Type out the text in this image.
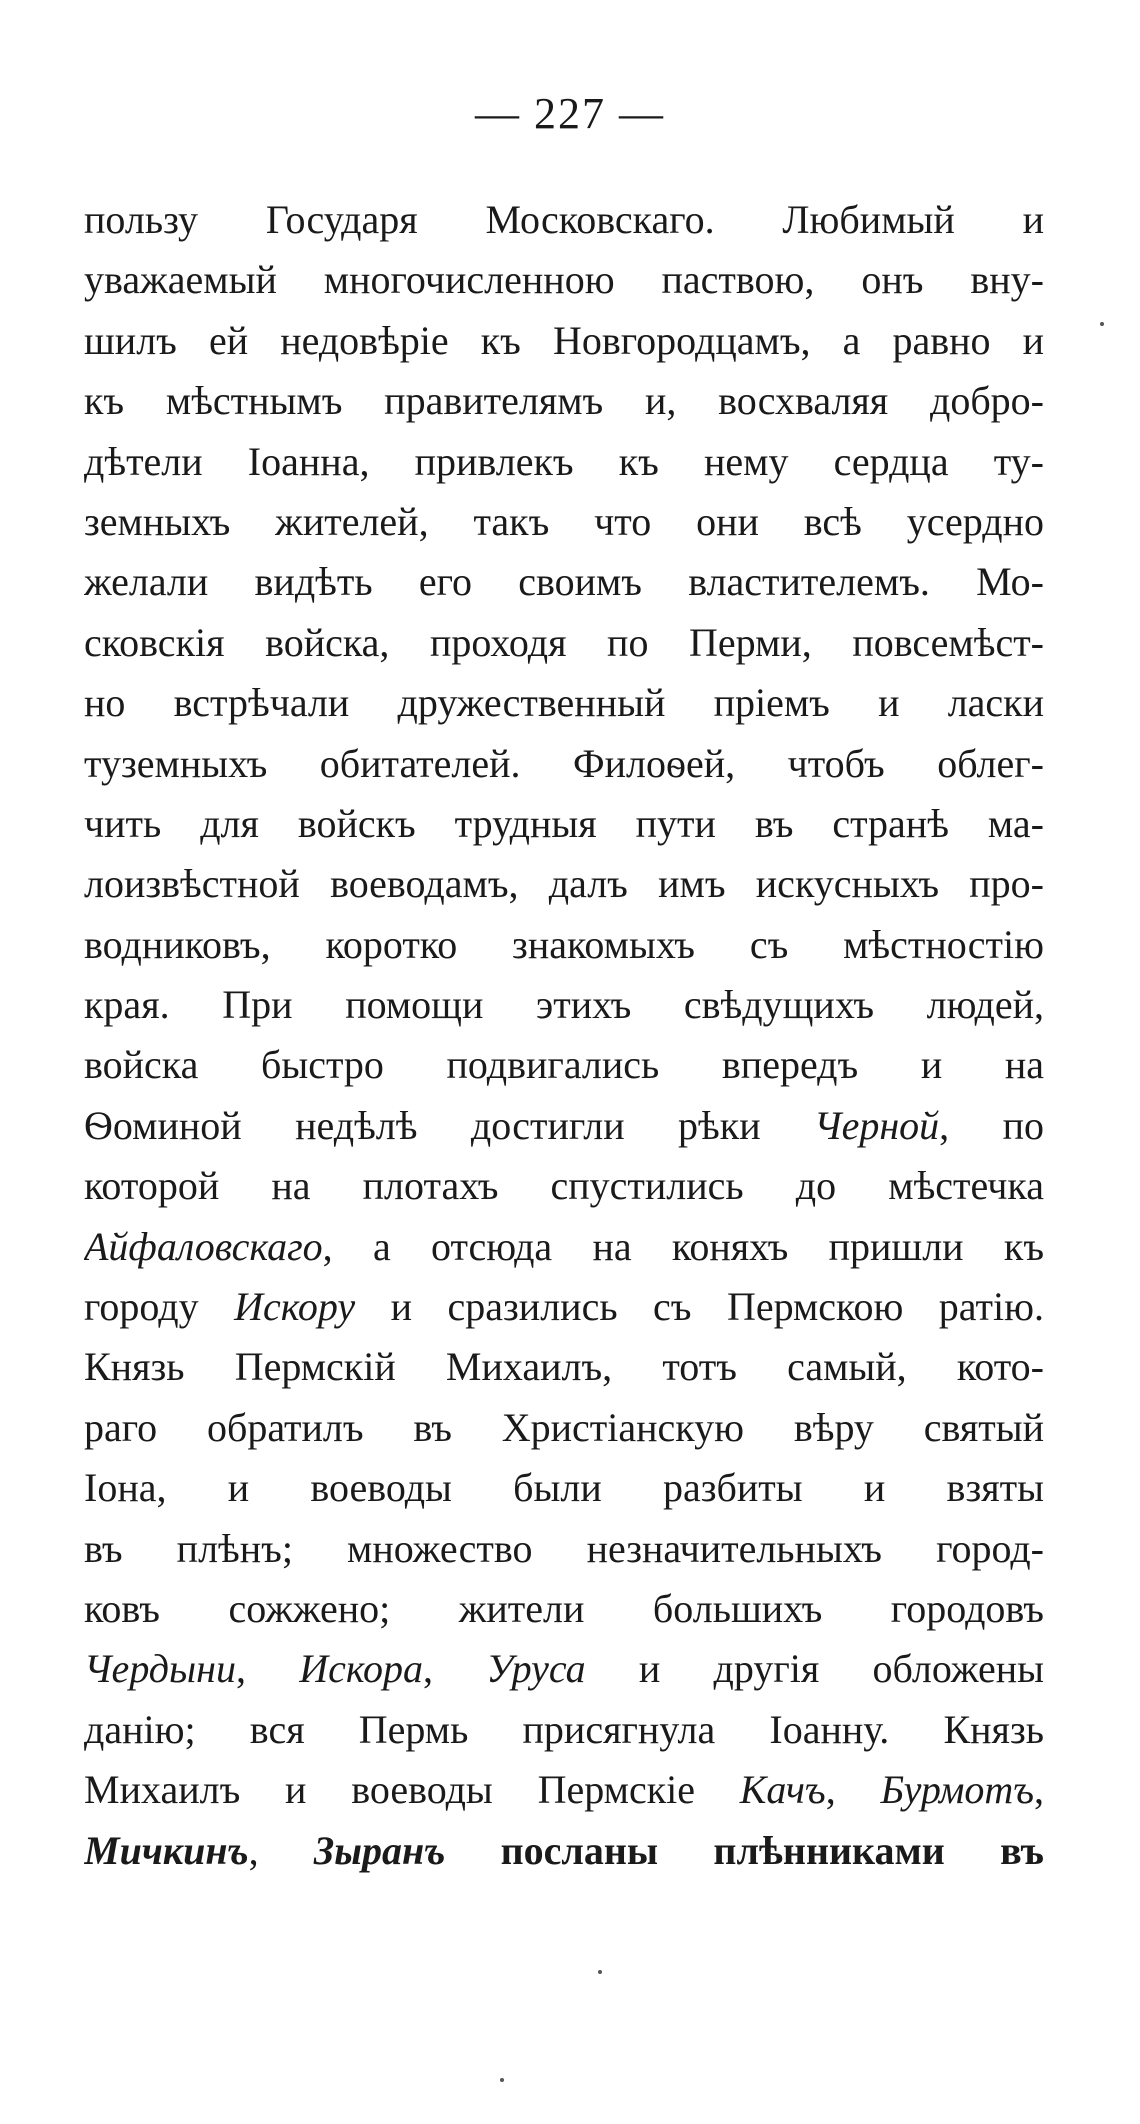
— 227 —
пользу Государя Московскаго. Любимый и
уважаемый многочисленною паствою, онъ вну-
шилъ ей недовѣріе къ Новгородцамъ, а равно и
къ мѣстнымъ правителямъ и, восхваляя добро-
дѣтели Іоанна, привлекъ къ нему сердца ту-
земныхъ жителей, такъ что они всѣ усердно
желали видѣть его своимъ властителемъ. Мо-
сковскія войска, проходя по Перми, повсемѣст-
но встрѣчали дружественный пріемъ и ласки
туземныхъ обитателей. Филоѳей, чтобъ облег-
чить для войскъ трудныя пути въ странѣ ма-
лоизвѣстной воеводамъ, далъ имъ искусныхъ про-
водниковъ, коротко знакомыхъ съ мѣстностію
края. При помощи этихъ свѣдущихъ людей,
войска быстро подвигались впередъ и на
Ѳоминой недѣлѣ достигли рѣки Черной, по
которой на плотахъ спустились до мѣстечка
Айфаловскаго, а отсюда на коняхъ пришли къ
городу Искору и сразились съ Пермскою ратію.
Князь Пермскій Михаилъ, тотъ самый, кото-
раго обратилъ въ Христіанскую вѣру святый
Іона, и воеводы были разбиты и взяты
въ плѣнъ; множество незначительныхъ город-
ковъ сожжено; жители большихъ городовъ
Чердыни, Искора, Уруса и другія обложены
данію; вся Пермь присягнула Іоанну. Князь
Михаилъ и воеводы Пермскіе Качъ, Бурмотъ,
Мичкинъ, Зыранъ посланы плѣнниками въ
